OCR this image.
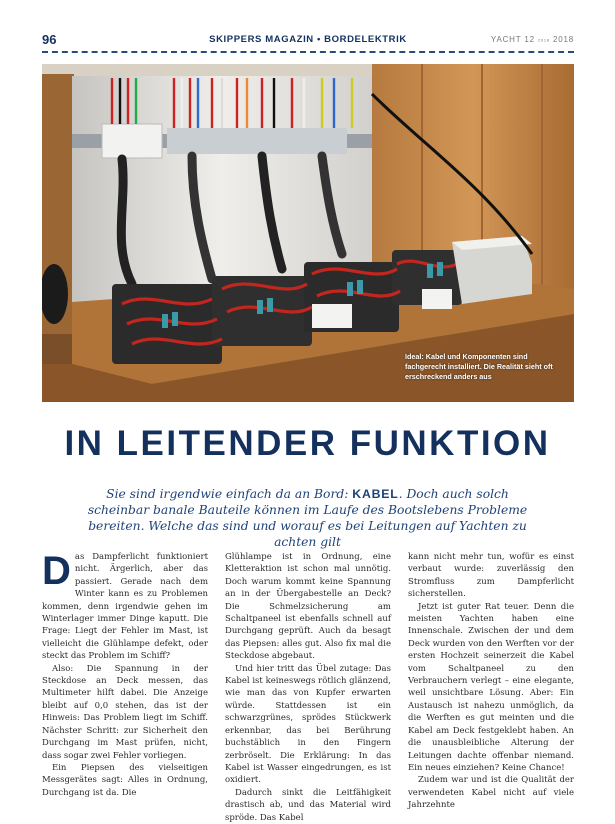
96	SKIPPERS MAGAZIN • BORDELEKTRIK	YACHT 12 2018 2018
Ideal: Kabel und Komponenten sind fachgerecht installiert. Die Realität sieht oft erschreckend anders aus
IN LEITENDER FUNKTION
Sie sind irgendwie einfach da an Bord: KABEL. Doch auch solch scheinbar banale Bauteile können im Laufe des Bootslebens Probleme bereiten. Welche das sind und worauf es bei Leitungen auf Yachten zu achten gilt

Das Dampferlicht funktioniert nicht. Ärgerlich, aber das passiert. Gerade nach dem Winter kann es zu Problemen kommen, denn irgendwie gehen im Winterlager immer Dinge kaputt. Die Frage: Liegt der Fehler im Mast, ist vielleicht die Glühlampe defekt, oder steckt das Problem im Schiff?

Also: Die Spannung in der Steckdose an Deck messen, das Multimeter hilft dabei. Die Anzeige bleibt auf 0,0 stehen, das ist der Hinweis: Das Problem liegt im Schiff. Nächster Schritt: zur Sicherheit den Durchgang im Mast prüfen, nicht, dass sogar zwei Fehler vorliegen.

Ein Piepsen des vielseitigen Messgerätes sagt: Alles in Ordnung, Durchgang ist da. Die

Glühlampe ist in Ordnung, eine Kletteraktion ist schon mal unnötig. Doch warum kommt keine Spannung an in der Übergabestelle an Deck? Die Schmelzsicherung am Schaltpaneel ist ebenfalls schnell auf Durchgang geprüft. Auch da besagt das Piepsen: alles gut. Also fix mal die Steckdose abgebaut.

Und hier tritt das Übel zutage: Das Kabel ist keineswegs rötlich glänzend, wie man das von Kupfer erwarten würde. Stattdessen ist ein schwarzgrünes, sprödes Stückwerk erkennbar, das bei Berührung buchstäblich in den Fingern zerbröselt. Die Erklärung: In das Kabel ist Wasser eingedrungen, es ist oxidiert.

Dadurch sinkt die Leitfähigkeit drastisch ab, und das Material wird spröde. Das Kabel

kann nicht mehr tun, wofür es einst verbaut wurde: zuverlässig den Stromfluss zum Dampferlicht sicherstellen.

Jetzt ist guter Rat teuer. Denn die meisten Yachten haben eine Innenschale. Zwischen der und dem Deck wurden von den Werften vor der ersten Hochzeit seinerzeit die Kabel vom Schaltpaneel zu den Verbrauchern verlegt – eine elegante, weil unsichtbare Lösung. Aber: Ein Austausch ist nahezu unmöglich, da die Werften es gut meinten und die Kabel am Deck festgeklebt haben. An die unausbleibliche Alterung der Leitungen dachte offenbar niemand. Ein neues einziehen? Keine Chance!

Zudem war und ist die Qualität der verwendeten Kabel nicht auf viele Jahrzehnte
